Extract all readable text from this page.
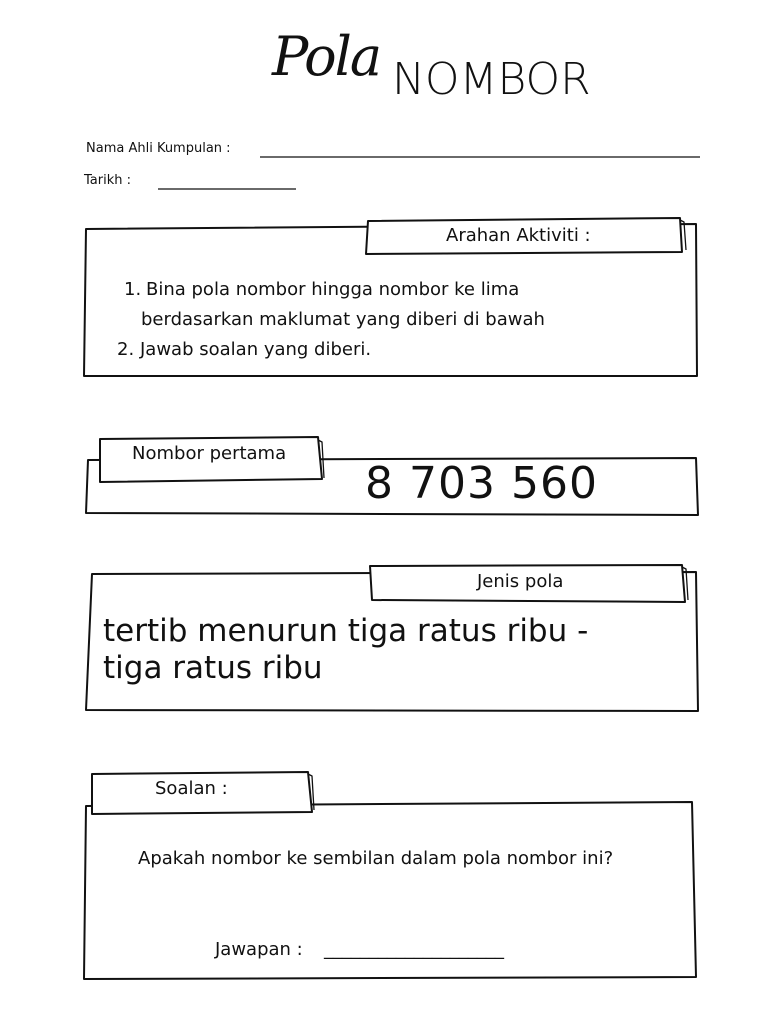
Pola NOMBOR
Nama Ahli Kumpulan :
Tarikh :
Arahan Aktiviti :
1. Bina pola nombor hingga nombor ke lima
berdasarkan maklumat yang diberi di bawah
2. Jawab soalan yang diberi.
Nombor pertama
8 703 560
Jenis pola
tertib menurun tiga ratus ribu -
tiga ratus ribu
Soalan :
Apakah nombor ke sembilan dalam pola nombor ini?
Jawapan : ____________________
